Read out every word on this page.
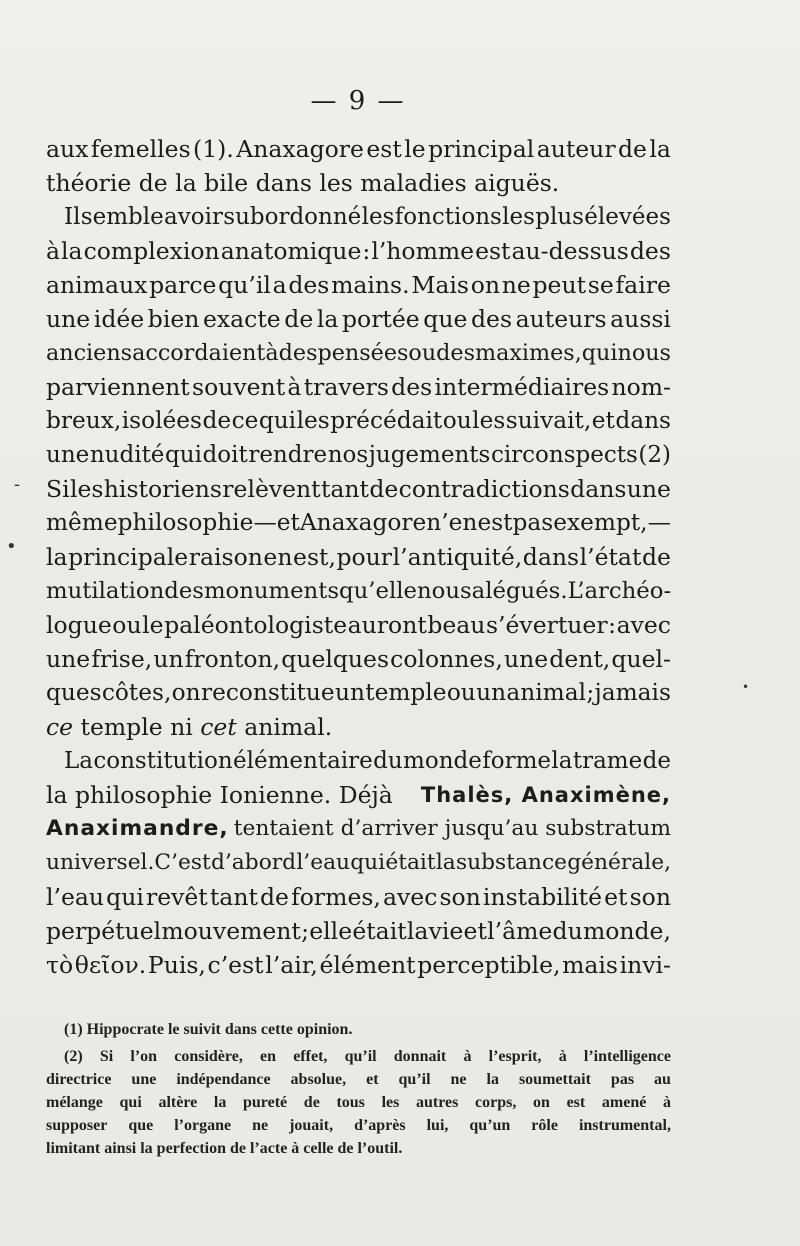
— 9 —
aux femelles (1). Anaxagore est le principal auteur de la
théorie de la bile dans les maladies aiguës.
Il semble avoir subordonné les fonctions les plus élevées
à la complexion anatomique : l’homme est au-dessus des
animaux parce qu’il a des mains. Mais on ne peut se faire
une idée bien exacte de la portée que des auteurs aussi
anciens accordaient à des pensées ou des maximes, qui nous
parviennent souvent à travers des intermédiaires nom-
breux, isolées de ce qui les précédait ou les suivait, et dans
une nudité qui doit rendre nos jugements circonspects (2)
Si les historiens relèvent tant de contradictions dans une
même philosophie — et Anaxagore n’en est pas exempt, —
la principale raison en est, pour l’antiquité, dans l’état de
mutilation des monuments qu’elle nous a légués. L’archéo-
logue ou le paléontologiste auront beau s’évertuer : avec
une frise, un fronton, quelques colonnes, une dent, quel-
ques côtes, on reconstitue un temple ou un animal ; jamais
ce temple ni cet animal.
La constitution élémentaire du monde forme la trame de
la philosophie Ionienne. Déjà Thalès, Anaximène,
Anaximandre, tentaient d’arriver jusqu’au substratum
universel.C’est d’abord l’eau qui était la substance générale,
l’eau qui revêt tant de formes, avec son instabilité et son
perpétuel mouvement ; elle était la vie et l’âme du monde,
τὸ θεῖον. Puis, c’est l’air, élément perceptible, mais invi-
(1) Hippocrate le suivit dans cette opinion.
(2) Si l’on considère, en effet, qu’il donnait à l’esprit, à l’intelligence
directrice une indépendance absolue, et qu’il ne la soumettait pas au
mélange qui altère la pureté de tous les autres corps, on est amené à
supposer que l’organe ne jouait, d’après lui, qu’un rôle instrumental,
limitant ainsi la perfection de l’acte à celle de l’outil.
•
-
•
